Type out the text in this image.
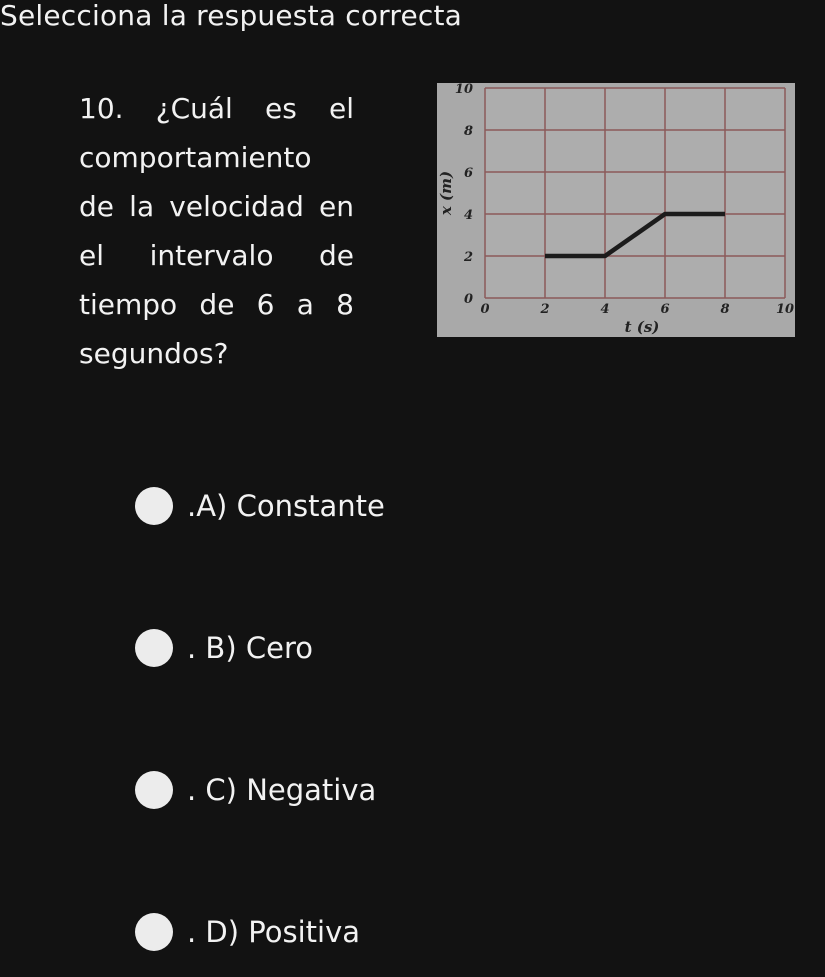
Selecciona la respuesta correcta
10. ¿Cuál es el comportamiento de la velocidad en el intervalo de tiempo de 6 a 8 segundos?
0	2	4	6	8	10
0
2
4
6
8
10
t (s)
x (m)
.A) Constante
. B) Cero
. C) Negativa
. D) Positiva
